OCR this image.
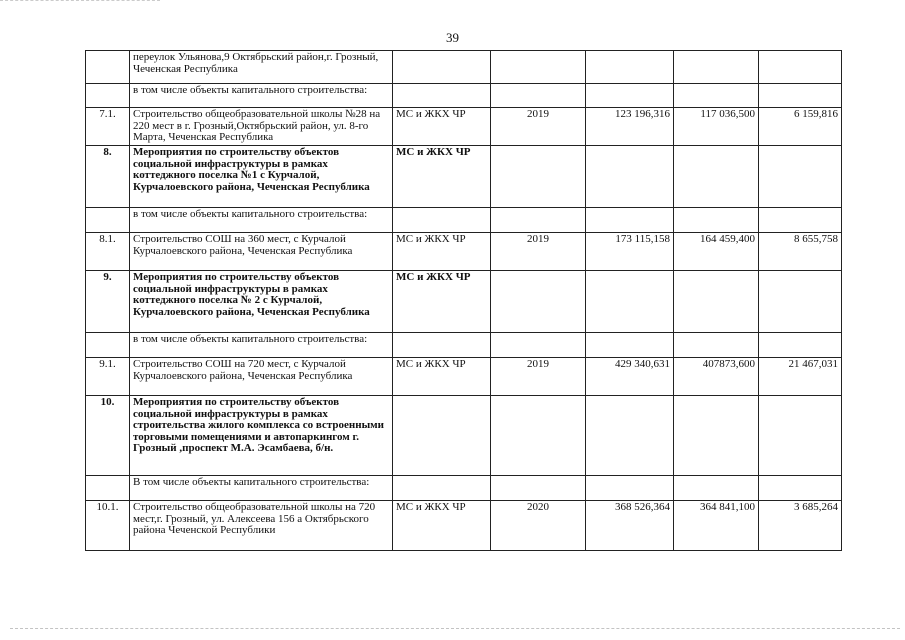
39
	переулок Ульянова,9 Октябрьский район,г. Грозный, Чеченская Республика					
	в том числе объекты капитального строительства:					
7.1.	Строительство общеобразовательной школы №28 на 220 мест в г. Грозный,Октябрьский район, ул. 8-го Марта, Чеченская Республика	МС и ЖКХ ЧР	2019	123 196,316	117 036,500	6 159,816
8.	Мероприятия по строительству объектов социальной инфраструктуры в рамках коттеджного поселка №1 с Курчалой, Курчалоевского района, Чеченская Республика	МС и ЖКХ ЧР				
	в том числе объекты капитального строительства:					
8.1.	Строительство СОШ на 360 мест, с Курчалой Курчалоевского района, Чеченская Республика	МС и ЖКХ ЧР	2019	173 115,158	164 459,400	8 655,758
9.	Мероприятия по строительству объектов социальной инфраструктуры в рамках коттеджного поселка № 2 с Курчалой, Курчалоевского района, Чеченская Республика	МС и ЖКХ ЧР				
	в том числе объекты капитального строительства:					
9.1.	Строительство СОШ на 720 мест, с Курчалой Курчалоевского района, Чеченская Республика	МС и ЖКХ ЧР	2019	429 340,631	407873,600	21 467,031
10.	Мероприятия по строительству объектов социальной инфраструктуры в рамках строительства жилого комплекса со встроенными торговыми помещениями и автопаркингом г. Грозный ,проспект М.А. Эсамбаева, б/н.					
	В том числе объекты капитального строительства:					
10.1.	Строительство общеобразовательной школы на 720 мест,г. Грозный, ул. Алексеева 156 а Октябрьского района Чеченской Республики	МС и ЖКХ ЧР	2020	368 526,364	364 841,100	3 685,264
